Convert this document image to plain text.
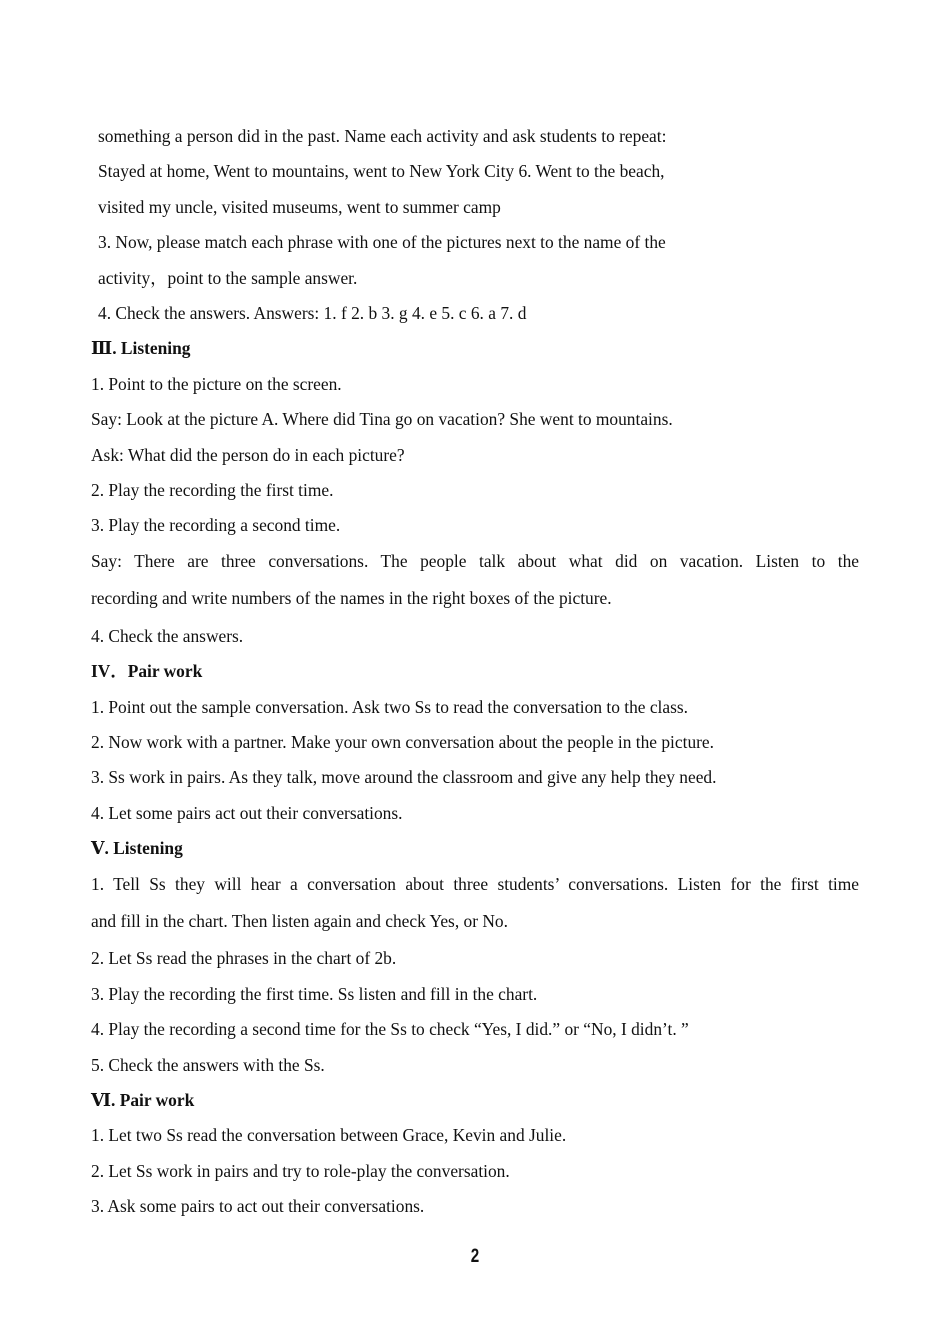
something a person did in the past. Name each activity and ask students to repeat:
Stayed at home, Went to mountains, went to New York City 6. Went to the beach,
visited my uncle, visited museums, went to summer camp
3. Now, please match each phrase with one of the pictures next to the name of the
activity，point to the sample answer.
4. Check the answers. Answers: 1. f 2. b 3. g 4. e 5. c 6. a 7. d
Ⅲ. Listening
1. Point to the picture on the screen.
Say: Look at the picture A. Where did Tina go on vacation? She went to mountains.
Ask: What did the person do in each picture?
2. Play the recording the first time.
3. Play the recording a second time.
Say: There are three conversations. The people talk about what did on vacation. Listen to the
recording and write numbers of the names in the right boxes of the picture.
4. Check the answers.
IV．Pair work
1. Point out the sample conversation. Ask two Ss to read the conversation to the class.
2. Now work with a partner. Make your own conversation about the people in the picture.
3. Ss work in pairs. As they talk, move around the classroom and give any help they need.
4. Let some pairs act out their conversations.
Ⅴ. Listening
1. Tell Ss they will hear a conversation about three students’ conversations. Listen for the first time
and fill in the chart. Then listen again and check Yes, or No.
2. Let Ss read the phrases in the chart of 2b.
3. Play the recording the first time. Ss listen and fill in the chart.
4. Play the recording a second time for the Ss to check “Yes, I did.” or “No, I didn’t. ”
5. Check the answers with the Ss.
Ⅵ. Pair work
1. Let two Ss read the conversation between Grace, Kevin and Julie.
2. Let Ss work in pairs and try to role-play the conversation.
3. Ask some pairs to act out their conversations.
2
